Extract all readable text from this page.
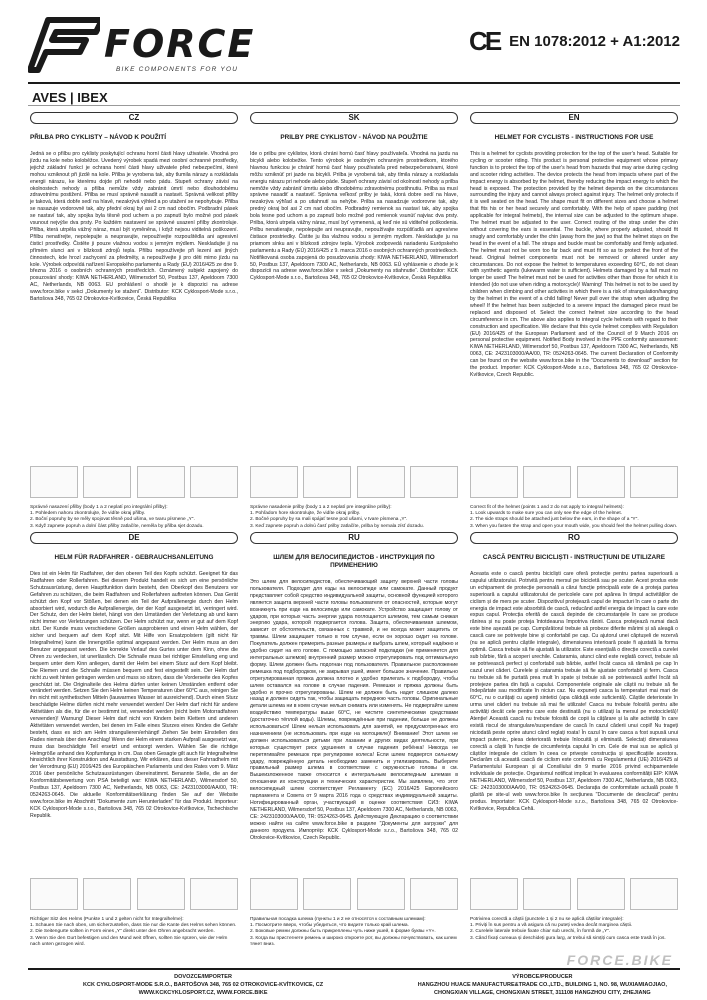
FORCE
BIKE COMPONENTS FOR YOU
CE EN 1078:2012 + A1:2012
AVES | IBEX
CZ
PŘILBA PRO CYKLISTY – NÁVOD K POUŽITÍ
Jedná se o přilbu pro cyklisty poskytující ochranu horní části hlavy uživatele. Vhodná pro jízdu na kole nebo koloběžce. Uvedený výrobek spadá mezi osobní ochranné prostředky, jejichž základní funkcí je ochrana horní části hlavy uživatele před nebezpečími, které mohou vzniknout při jízdě na kole. Přilba je vyrobena tak, aby tlumila nárazy a rozkládala energii nárazu, ke kterému dojde při nehodě nebo pádu. Stupeň ochrany závisí na okolnostech nehody a přilba nemůže vždy zabránit úmrtí nebo dlouhodobému zdravotnímu postižení. Přilba se musí správně nasadit a nastavit. Správná velikost přilby je taková, která dobře sedí na hlavě, nezakrývá výhled a po utažení se nepohybuje. Přilba se nasazuje vodorovně tak, aby přední okraj byl asi 2 cm nad obočím. Podbradní pásek se nastaví tak, aby spojka byla těsně pod uchem a po zapnutí bylo možné pod pásek vsunout nejvýše dva prsty. Po každém nastavení se správné usazení přilby zkontroluje. Přilba, která utrpěla vážný náraz, musí být vyměněna, i když nejsou viditelná poškození. Přilbu nenatírejte, nepolepujte a neupravujte, nepoužívejte rozpouštědla ani agresivní čisticí prostředky. Čistěte ji pouze vlažnou vodou s jemným mýdlem. Neskladujte ji na přímém slunci ani v blízkosti zdrojů tepla. Přilbu nepoužívejte při lezení ani jiných činnostech, kde hrozí zachycení za předměty, a nepoužívejte ji pro děti mimo jízdu na kole. Výrobek odpovídá nařízení Evropského parlamentu a Rady (EU) 2016/425 ze dne 9. března 2016 o osobních ochranných prostředcích. Oznámený subjekt zapojený do posuzování shody: KIWA NETHERLAND, Wilmersdorf 50, Postbus 137, Apeldoorn 7300 AC, Netherlands, NB 0063. EU prohlášení o shodě je k dispozici na adrese www.force.bike v sekci „Dokumenty ke stažení“. Distributor: KCK Cyklosport-Mode s.r.o., Bartošova 348, 765 02 Otrokovice-Kvítkovice, Česká Republika
SK
PRILBY PRE CYKLISTOV - NÁVOD NA POUŽITIE
Ide o prilbu pre cyklistov, ktorá chráni hornú časť hlavy používateľa. Vhodná na jazdu na bicykli alebo kolobežke. Tento výrobok je osobným ochranným prostriedkom, ktorého hlavnou funkciou je chrániť hornú časť hlavy používateľa pred nebezpečenstvami, ktoré môžu vzniknúť pri jazde na bicykli. Prilba je vyrobená tak, aby tlmila nárazy a rozkladala energiu nárazu pri nehode alebo páde. Stupeň ochrany závisí od okolností nehody a prilba nemôže vždy zabrániť úmrtiu alebo dlhodobému zdravotnému postihnutiu. Prilba sa musí správne nasadiť a nastaviť. Správna veľkosť prilby je taká, ktorá dobre sedí na hlave, nezakrýva výhľad a po utiahnutí sa nehýbe. Prilba sa nasadzuje vodorovne tak, aby predný okraj bol asi 2 cm nad obočím. Podbradný remienok sa nastaví tak, aby spojka bola tesne pod uchom a po zapnutí bolo možné pod remienok vsunúť najviac dva prsty. Prilba, ktorá utrpela vážny náraz, musí byť vymenená, aj keď nie sú viditeľné poškodenia. Prilbu nenatierajte, nepolepujte ani neupravujte, nepoužívajte rozpúšťadlá ani agresívne čistiace prostriedky. Čistite ju iba vlažnou vodou s jemným mydlom. Neskladujte ju na priamom slnku ani v blízkosti zdrojov tepla. Výrobok zodpovedá nariadeniu Európskeho parlamentu a Rady (EÚ) 2016/425 z 9. marca 2016 o osobných ochranných prostriedkoch. Notifikovaná osoba zapojená do posudzovania zhody: KIWA NETHERLAND, Wilmersdorf 50, Postbus 137, Apeldoorn 7300 AC, Netherlands, NB 0063. EÚ vyhlásenie o zhode je k dispozícii na adrese www.force.bike v sekcii „Dokumenty na stiahnutie“. Distribútor: KCK Cyklosport-Mode s.r.o., Bartošova 348, 765 02 Otrokovice-Kvítkovice, Česká Republika
EN
HELMET FOR CYCLISTS - INSTRUCTIONS FOR USE
This is a helmet for cyclists providing protection for the top of the user's head. Suitable for cycling or scooter riding. This product is personal protective equipment whose primary function is to protect the top of the user's head from hazards that may arise during cycling and scooter riding activities. The device protects the head from impacts where part of the impact energy is absorbed by the helmet, thereby reducing the impact energy to which the head is exposed. The protection provided by the helmet depends on the circumstances surrounding the injury and cannot always protect against injury. The helmet only protects if it is well seated on the head. The shape must fit on different sizes and choose a helmet that fits his or her head securely and comfortably. With the help of spare padding (not applicable for integral helmets), the internal size can be adjusted to the optimum shape. The helmet must be adjusted to the user. Correct routing of the strap under the chin without covering the ears is essential. The buckle, where properly adjusted, should fit snugly and comfortably under the chin (away from the jaw) so that the helmet stays on the head in the event of a fall. The straps and buckle must be comfortably and firmly adjusted. The helmet must not be worn too far back and must fit so as to protect the front of the head. Original helmet components must not be removed or altered under any circumstances. Do not expose the helmet to temperatures exceeding 60°C, do not clean with synthetic agents (lukewarm water is sufficient). Helmets damaged by a fall must no longer be used! The helmet must not be used for activities other than those for which it is intended (do not use when riding a motorcycle)! Warning! This helmet is not to be used by children when climbing and other activities in which there is a risk of strangulation/hanging by the helmet in the event of a child falling! Never pull over the strap when adjusting the wheel! If the helmet has been subjected to a severe impact the damaged piece must be replaced and disposed of. Select the correct helmet size according to the head circumference in cm. The above also applies to integral cycle helmets with regard to their construction and specification. We declare that this cycle helmet complies with Regulation (EU) 2016/425 of the European Parliament and of the Council of 9 March 2016 on personal protective equipment. Notified Body involved in the PPE conformity assessment: KIWA NETHERLAND, Wilmersdorf 50, Postbus 137, Apeldoorn 7300 AC, Netherlands, NB 0063, CE: 2423103000/AA/00, TR: 0524263-0645. The current Declaration of Conformity can be found on the website www.force.bike in the "Documents to download" section for the product. Importer: KCK Cyklosport-Mode s.r.o., Bartošova 348, 765 02 Otrokovice-Kvítkovice, Czech Republic.
Správné nasazení přilby (body 1 a 2 neplatí pro integrální přilby):
1. Pohledem nahoru zkontrolujte, že vidíte okraj přilby.
2. Boční popruhy by se měly spojovat těsně pod ušima, ve tvaru písmene „Y“.
3. Když zapnete popruh a dolní část přilby zatlačíte, neměla by přilba sjet dozadu.
Správne nasadenie prilby (body 1 a 2 neplatí pre integrálne prilby):
1. Pohľadom hore skontrolujte, že vidíte okraj prilby.
2. Bočné popruhy by sa mali spájať tesne pod ušami, v tvare písmena „Y“.
3. Keď zapnete popruh a dolnú časť prilby zatlačíte, prilba by nemala zísť dozadu.
Correct fit of the helmet (points 1 and 2 do not apply to integral helmets):
1. Look upwards to make sure you can only see the edge of the helmet.
2. The side straps should be attached just below the ears, in the shape of a "Y".
3. When you fasten the strap and open your mouth wide, you should feel the helmet pulling down.
DE
HELM FÜR RADFAHRER - GEBRAUCHSANLEITUNG
Dies ist ein Helm für Radfahrer, der den oberen Teil des Kopfs schützt. Geeignet für das Radfahren oder Rollerfahren. Bei diesem Produkt handelt es sich um eine persönliche Schutzausrüstung, deren Hauptfunktion darin besteht, den Oberkopf des Benutzers vor Gefahren zu schützen, die beim Radfahren und Rollerfahren auftreten können. Das Gerät schützt den Kopf vor Stößen, bei denen ein Teil der Aufprallenergie durch den Helm absorbiert wird, wodurch die Aufprallenergie, der der Kopf ausgesetzt ist, verringert wird. Der Schutz, den der Helm bietet, hängt von den Umständen der Verletzung ab und kann nicht immer vor Verletzungen schützen. Der Helm schützt nur, wenn er gut auf dem Kopf sitzt. Der Kunde muss verschiedene Größen ausprobieren und einen Helm wählen, der sicher und bequem auf dem Kopf sitzt. Mit Hilfe von Ersatzpolstern (gilt nicht für Integralhelme) kann die Innengröße optimal angepasst werden. Der Helm muss an den Benutzer angepasst werden. Die korrekte Verlauf des Gurtes unter dem Kinn, ohne die Ohren zu verdecken, ist unerlässlich. Die Schnalle muss bei richtiger Einstellung eng und bequem unter dem Kinn anliegen, damit der Helm bei einem Sturz auf dem Kopf bleibt. Die Riemen und die Schnalle müssen bequem und fest eingestellt sein. Der Helm darf nicht zu weit hinten getragen werden und muss so sitzen, dass die Vorderseite des Kopfes geschützt ist. Die Originalteile des Helms dürfen unter keinen Umständen entfernt oder verändert werden. Setzen Sie den Helm keinen Temperaturen über 60°C aus, reinigen Sie ihn nicht mit synthetischen Mitteln (lauwarmes Wasser ist ausreichend). Durch einen Sturz beschädigte Helme dürfen nicht mehr verwendet werden! Der Helm darf nicht für andere Aktivitäten als die, für die er bestimmt ist, verwendet werden (nicht beim Motorradfahren verwenden)! Warnung! Dieser Helm darf nicht von Kindern beim Klettern und anderen Aktivitäten verwendet werden, bei denen im Falle eines Sturzes eines Kindes die Gefahr besteht, dass es sich am Helm strangulieren/erhängt! Ziehen Sie beim Einstellen des Rades niemals über den Anschlag! Wenn der Helm einem starken Aufprall ausgesetzt war, muss das beschädigte Teil ersetzt und entsorgt werden. Wählen Sie die richtige Helmgröße anhand des Kopfumfangs in cm. Das oben Gesagte gilt auch für Integralhelme hinsichtlich ihrer Konstruktion und Ausstattung. Wir erklären, dass dieser Fahrradhelm mit der Verordnung (EU) 2016/425 des Europäischen Parlaments und des Rates vom 9. März 2016 über persönliche Schutzausrüstungen übereinstimmt. Benannte Stelle, die an der Konformitätsbewertung von PSA beteiligt war: KIWA NETHERLAND, Wilmersdorf 50, Postbus 137, Apeldoorn 7300 AC, Netherlands, NB 0063, CE: 2423103000/AA/00, TR: 0524263-0645. Die aktuelle Konformitätserklärung finden Sie auf der Website www.force.bike im Abschnitt "Dokumente zum Herunterladen" für das Produkt. Importeur: KCK Cyklosport-Mode s.r.o., Bartošova 348, 765 02 Otrokovice-Kvítkovice, Tschechische Republik.
RU
ШЛЕМ ДЛЯ ВЕЛОСИПЕДИСТОВ - ИНСТРУКЦИЯ ПО ПРИМЕНЕНИЮ
Это шлем для велосипедистов, обеспечивающий защиту верхней части головы пользователя. Подходит для езды на велосипеде или самокате. Данный продукт представляет собой средство индивидуальной защиты, основной функцией которого является защита верхней части головы пользователя от опасностей, которые могут возникнуть при езде на велосипеде или самокате. Устройство защищает голову от ударов, при которых часть энергии удара поглощается шлемом, тем самым снижая энергию удара, которой подвергается голова. Защита, обеспечиваемая шлемом, зависит от обстоятельств, связанных с травмой, и не всегда может защитить от травмы. Шлем защищает только в том случае, если он хорошо сидит на голове. Покупатель должен примерить разные размеры и выбрать шлем, который надёжно и удобно сидит на его голове. С помощью запасной подкладки (не применяется для интегральных шлемов) внутренний размер можно отрегулировать под оптимальную форму. Шлем должен быть подогнан под пользователя. Правильное расположение ремешка под подбородком, не закрывая ушей, имеет большое значение. Правильно отрегулированная пряжка должна плотно и удобно прилегать к подбородку, чтобы шлем оставался на голове в случае падения. Ремешки и пряжка должны быть удобно и прочно отрегулированы. Шлем не должен быть надет слишком далеко назад и должен сидеть так, чтобы защищать переднюю часть головы. Оригинальные детали шлема ни в коем случае нельзя снимать или изменять. Не подвергайте шлем воздействию температуры выше 60°C, не чистите синтетическими средствами (достаточно тёплой воды). Шлемы, повреждённые при падении, больше не должны использоваться! Шлем нельзя использовать для занятий, не предусмотренных его назначением (не использовать при езде на мотоцикле)! Внимание! Этот шлем не должен использоваться детьми при лазании и других видах деятельности, при которых существует риск удушения в случае падения ребёнка! Никогда не перетягивайте ремешок при регулировке колеса! Если шлем подвергся сильному удару, повреждённую деталь необходимо заменить и утилизировать. Выберите правильный размер шлема в соответствии с окружностью головы в см. Вышеизложенное также относится к интегральным велосипедным шлемам в отношении их конструкции и технических характеристик. Мы заявляем, что этот велосипедный шлем соответствует Регламенту (ЕС) 2016/425 Европейского парламента и Совета от 9 марта 2016 года о средствах индивидуальной защиты. Нотифицированный орган, участвующий в оценке соответствия СИЗ: KIWA NETHERLAND, Wilmersdorf 50, Postbus 137, Apeldoorn 7300 AC, Netherlands, NB 0063, CE: 2423103000/AA/00, TR: 0524263-0645. Действующую Декларацию о соответствии можно найти на сайте www.force.bike в разделе "Документы для загрузки" для данного продукта. Импортёр: KCK Cyklosport-Mode s.r.o., Bartošova 348, 765 02 Otrokovice-Kvítkovice, Czech Republic.
RO
CASCĂ PENTRU BICICLIȘTI - INSTRUCȚIUNI DE UTILIZARE
Aceasta este o cască pentru bicicliști care oferă protecție pentru partea superioară a capului utilizatorului. Potrivită pentru mersul pe bicicletă sau pe scuter. Acest produs este un echipament de protecție personală a cărui funcție principală este de a proteja partea superioară a capului utilizatorului de pericolele care pot apărea în timpul activităților de ciclism și de mers pe scuter. Dispozitivul protejează capul de impacturi în care o parte din energia de impact este absorbită de cască, reducând astfel energia de impact la care este expus capul. Protecția oferită de cască depinde de circumstanțele în care se produce rănirea și nu poate proteja întotdeauna împotriva rănirii. Casca protejează numai dacă este bine așezată pe cap. Cumpărătorul trebuie să probeze diferite mărimi și să aleagă o cască care se potrivește bine și confortabil pe cap. Cu ajutorul unei căptușeli de rezervă (nu se aplică pentru căștile integrale), dimensiunea interioară poate fi ajustată la forma optimă. Casca trebuie să fie ajustată la utilizator. Este esențială o direcție corectă a curelei sub bărbie, fără a acoperi urechile. Cataramia, atunci când este reglată corect, trebuie să se potrivească perfect și confortabil sub bărbie, astfel încât casca să rămână pe cap în cazul unei căderi. Curelele și cataramia trebuie să fie ajustate confortabil și ferm. Casca nu trebuie să fie purtată prea mult în spate și trebuie să se potrivească astfel încât să protejeze partea din față a capului. Componentele originale ale căștii nu trebuie să fie îndepărtate sau modificate în niciun caz. Nu expuneți casca la temperaturi mai mari de 60°C, nu o curățați cu agenți sintetici (apa călduță este suficientă). Căștile deteriorate în urma unei căderi nu trebuie să mai fie utilizate! Casca nu trebuie folosită pentru alte activități decât cele pentru care este destinată (nu o utilizați la mersul pe motocicletă)! Atenție! Această cască nu trebuie folosită de copii la cățărare și la alte activități în care există riscul de strangulare/suspendare de cască în cazul căderii unui copil! Nu trageți niciodată peste oprire atunci când reglați roata! În cazul în care casca a fost supusă unui impact puternic, piesa deteriorată trebuie înlocuită și eliminată. Selectați dimensiunea corectă a căștii în funcție de circumferința capului în cm. Cele de mai sus se aplică și căștilor integrale de ciclism în ceea ce privește construcția și specificațiile acestora. Declarăm că această cască de ciclism este conformă cu Regulamentul (UE) 2016/425 al Parlamentului European și al Consiliului din 9 martie 2016 privind echipamentele individuale de protecție. Organismul notificat implicat în evaluarea conformității EIP: KIWA NETHERLAND, Wilmersdorf 50, Postbus 137, Apeldoorn 7300 AC, Netherlands, NB 0063, CE: 2423103000/AA/00, TR: 0524263-0645. Declarația de conformitate actuală poate fi găsită pe site-ul web www.force.bike în secțiunea "Documente de descărcat" pentru produs. Importator: KCK Cyklosport-Mode s.r.o., Bartošova 348, 765 02 Otrokovice-Kvítkovice, Republica Cehă.
Richtiger Sitz des Helms (Punkte 1 und 2 gelten nicht für Integralhelme):
1. Schauen Sie nach oben, um sicherzustellen, dass Sie nur die Kante des Helms sehen können.
2. Die Seitengurte sollten in Form eines „Y“ direkt unter den Ohren angebracht werden.
3. Wenn Sie den Gurt befestigen und den Mund weit öffnen, sollten Sie spüren, wie der Helm nach unten gezogen wird.
Правильная посадка шлема (пункты 1 и 2 не относятся к составным шлемам):
1. Посмотрите вверх, чтобы убедиться, что видите только край шлема.
2. Боковые ремни должны быть прикреплены чуть ниже ушей, в форме буквы «Y».
3. Когда вы пристегнете ремень и широко откроете рот, вы должны почувствовать, как шлем тянет вниз.
Potrivirea corectă a căștii (punctele 1 și 2 nu se aplică căștilor integrale):
1. Priviți în sus pentru a vă asigura că nu puteți vedea decât marginea căștii.
2. Curelele laterale trebuie fixate chiar sub urechi, în formă de „Y”.
3. Când fixați cureaua și deschideți gura larg, ar trebui să simțiți cum casca este trasă în jos.
FORCE.BIKE
DOVOZCE/IMPORTER
KCK CYKLOSPORT-MODE S.R.O., BARTOŠOVA 348, 765 02 OTROKOVICE-KVÍTKOVICE, CZ
WWW.KCKCYKLOSPORT.CZ, WWW.FORCE.BIKE
VÝROBCE/PRODUCER
HANGZHOU HUACE MANUFACTURE&TRADE CO.,LTD., BUILDING 1, NO. 98, WUXIAMIAOJIAO,
CHONGXIAN VILLAGE, CHONGXIAN STREET, 311108 HANGZHOU CITY, ZHEJIANG
